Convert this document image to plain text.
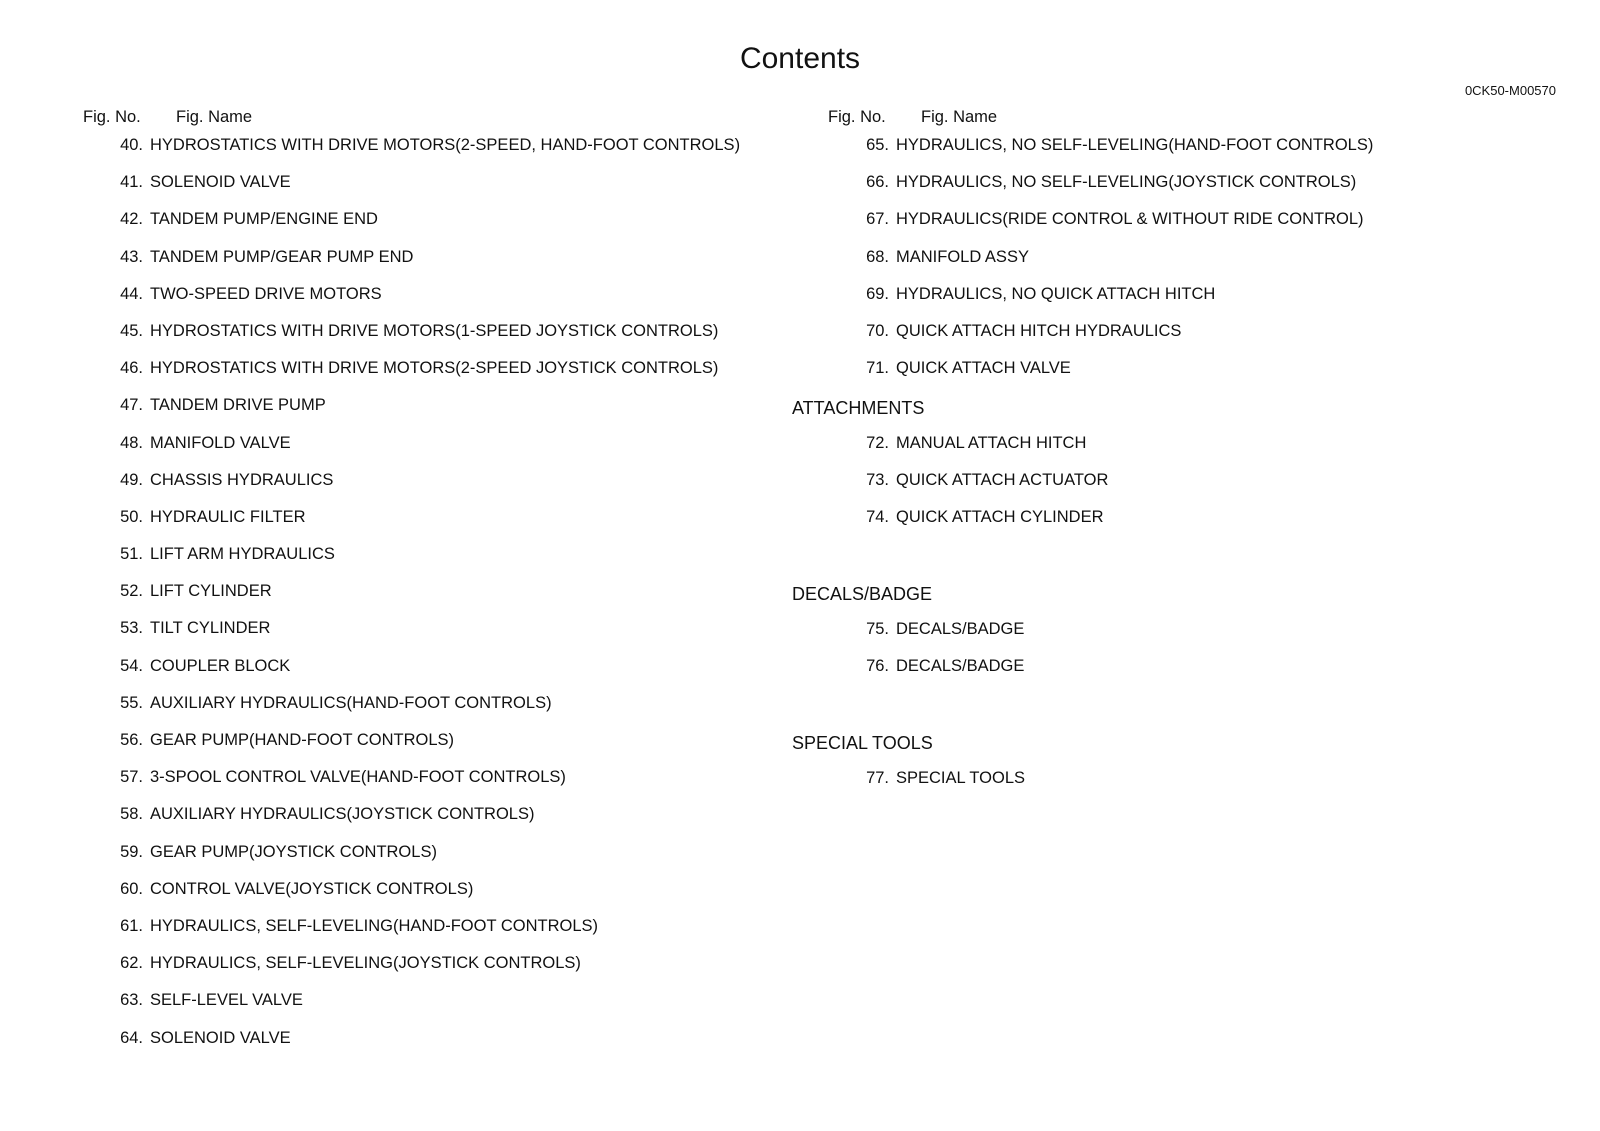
Contents
0CK50-M00570
Fig. No. Fig. Name
40. HYDROSTATICS WITH DRIVE MOTORS(2-SPEED, HAND-FOOT CONTROLS)
41. SOLENOID VALVE
42. TANDEM PUMP/ENGINE END
43. TANDEM PUMP/GEAR PUMP END
44. TWO-SPEED DRIVE MOTORS
45. HYDROSTATICS WITH DRIVE MOTORS(1-SPEED JOYSTICK CONTROLS)
46. HYDROSTATICS WITH DRIVE MOTORS(2-SPEED JOYSTICK CONTROLS)
47. TANDEM DRIVE PUMP
48. MANIFOLD VALVE
49. CHASSIS HYDRAULICS
50. HYDRAULIC FILTER
51. LIFT ARM HYDRAULICS
52. LIFT CYLINDER
53. TILT CYLINDER
54. COUPLER BLOCK
55. AUXILIARY HYDRAULICS(HAND-FOOT CONTROLS)
56. GEAR PUMP(HAND-FOOT CONTROLS)
57. 3-SPOOL CONTROL VALVE(HAND-FOOT CONTROLS)
58. AUXILIARY HYDRAULICS(JOYSTICK CONTROLS)
59. GEAR PUMP(JOYSTICK CONTROLS)
60. CONTROL VALVE(JOYSTICK CONTROLS)
61. HYDRAULICS, SELF-LEVELING(HAND-FOOT CONTROLS)
62. HYDRAULICS, SELF-LEVELING(JOYSTICK CONTROLS)
63. SELF-LEVEL VALVE
64. SOLENOID VALVE
Fig. No. Fig. Name
65. HYDRAULICS, NO SELF-LEVELING(HAND-FOOT CONTROLS)
66. HYDRAULICS, NO SELF-LEVELING(JOYSTICK CONTROLS)
67. HYDRAULICS(RIDE CONTROL & WITHOUT RIDE CONTROL)
68. MANIFOLD ASSY
69. HYDRAULICS, NO QUICK ATTACH HITCH
70. QUICK ATTACH HITCH HYDRAULICS
71. QUICK ATTACH VALVE
ATTACHMENTS
72. MANUAL ATTACH HITCH
73. QUICK ATTACH ACTUATOR
74. QUICK ATTACH CYLINDER
DECALS/BADGE
75. DECALS/BADGE
76. DECALS/BADGE
SPECIAL TOOLS
77. SPECIAL TOOLS
